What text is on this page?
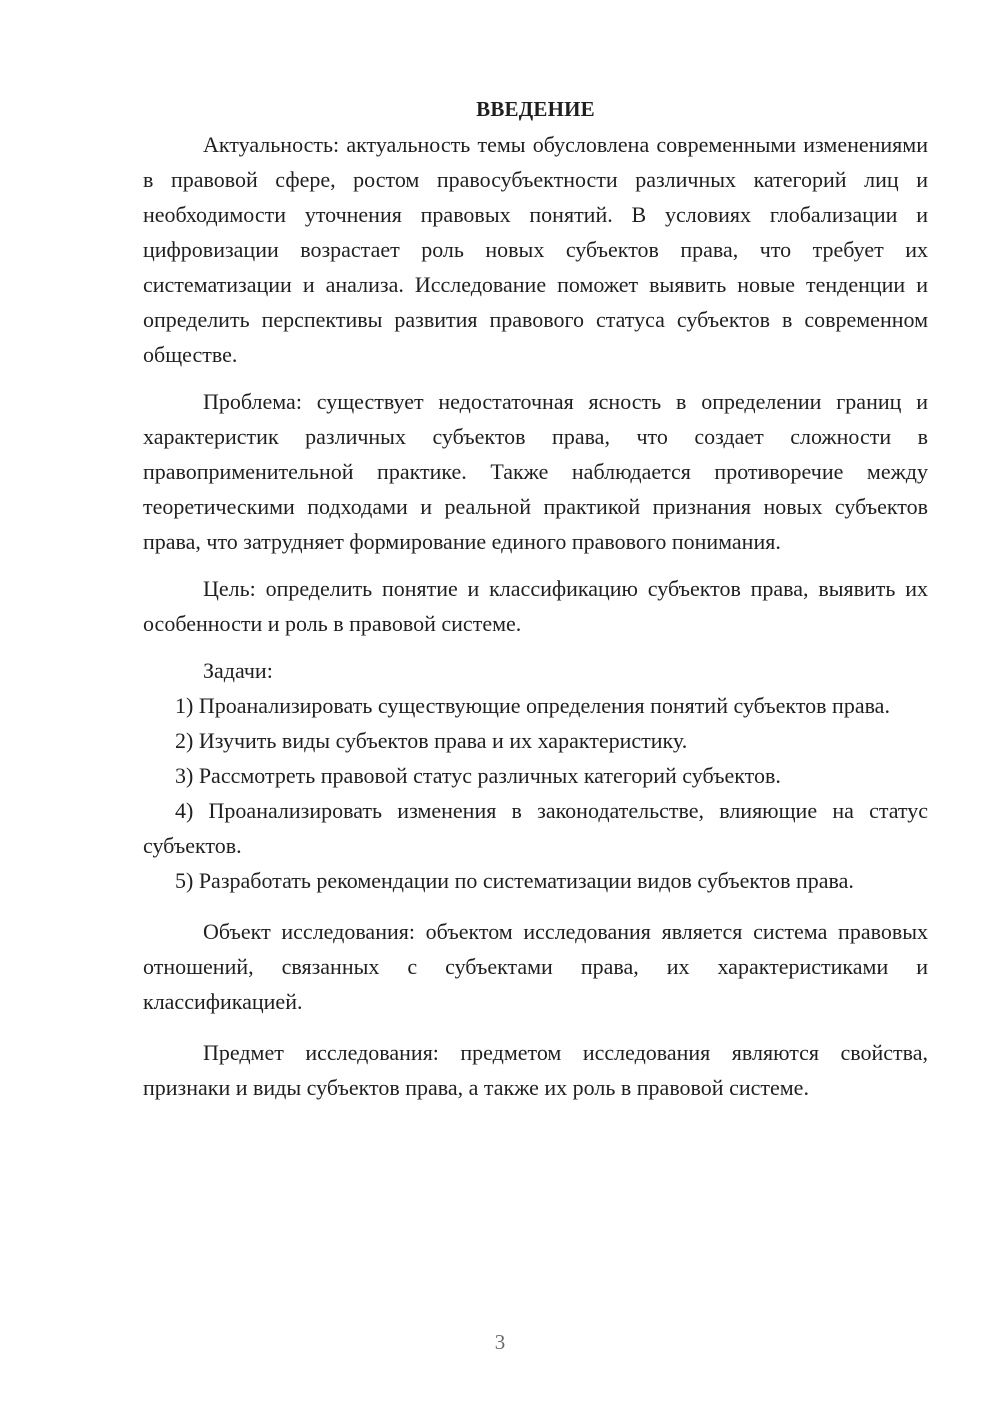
ВВЕДЕНИЕ

Актуальность: актуальность темы обусловлена современными изменениями в правовой сфере, ростом правосубъектности различных категорий лиц и необходимости уточнения правовых понятий. В условиях глобализации и цифровизации возрастает роль новых субъектов права, что требует их систематизации и анализа. Исследование поможет выявить новые тенденции и определить перспективы развития правового статуса субъектов в современном обществе.

Проблема: существует недостаточная ясность в определении границ и характеристик различных субъектов права, что создает сложности в правоприменительной практике. Также наблюдается противоречие между теоретическими подходами и реальной практикой признания новых субъектов права, что затрудняет формирование единого правового понимания.

Цель: определить понятие и классификацию субъектов права, выявить их особенности и роль в правовой системе.

Задачи:

1) Проанализировать существующие определения понятий субъектов права.

2) Изучить виды субъектов права и их характеристику.

3) Рассмотреть правовой статус различных категорий субъектов.

4) Проанализировать изменения в законодательстве, влияющие на статус субъектов.

5) Разработать рекомендации по систематизации видов субъектов права.

Объект исследования: объектом исследования является система правовых отношений, связанных с субъектами права, их характеристиками и классификацией.

Предмет исследования: предметом исследования являются свойства, признаки и виды субъектов права, а также их роль в правовой системе.

3
